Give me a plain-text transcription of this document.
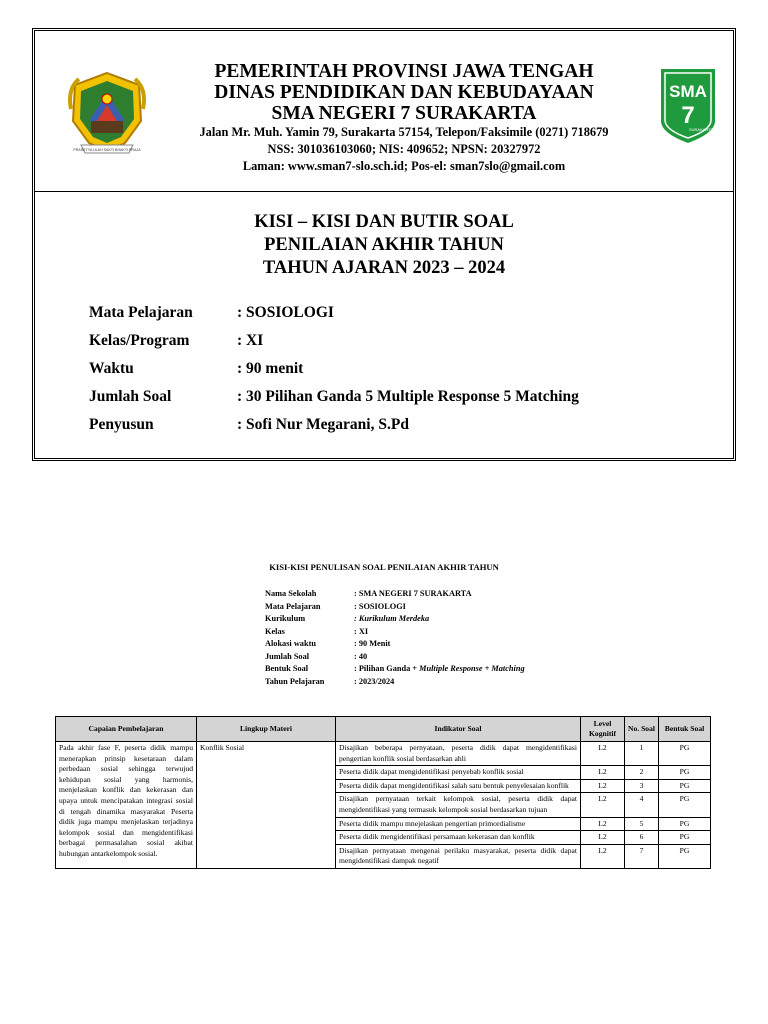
PRASETYA ULAH SAKTI BHAKTI PRAJA
PEMERINTAH PROVINSI JAWA TENGAH
DINAS PENDIDIKAN DAN KEBUDAYAAN
SMA NEGERI 7 SURAKARTA
Jalan Mr. Muh. Yamin 79, Surakarta 57154, Telepon/Faksimile (0271) 718679
NSS: 301036103060; NIS: 409652; NPSN: 20327972
Laman: www.sman7-slo.sch.id; Pos-el: sman7slo@gmail.com
SMA
7
SURAKARTA
KISI – KISI DAN BUTIR SOAL
PENILAIAN AKHIR TAHUN
TAHUN AJARAN 2023 – 2024
Mata Pelajaran	: SOSIOLOGI
Kelas/Program	: XI
Waktu	: 90 menit
Jumlah Soal	: 30 Pilihan Ganda 5 Multiple Response 5 Matching
Penyusun	: Sofi Nur Megarani, S.Pd
KISI-KISI PENULISAN SOAL PENILAIAN AKHIR TAHUN
Nama Sekolah	: SMA NEGERI 7 SURAKARTA
Mata Pelajaran	: SOSIOLOGI
Kurikulum	: Kurikulum Merdeka
Kelas	: XI
Alokasi waktu	: 90 Menit
Jumlah Soal	: 40
Bentuk Soal	: Pilihan Ganda + Multiple Response + Matching
Tahun Pelajaran	: 2023/2024
Capaian Pembelajaran	Lingkup Materi	Indikator Soal	Level Kognitif	No. Soal	Bentuk Soal
Pada akhir fase F, peserta didik mampu menerapkan prinsip kesetaraan dalam perbedaan sosial sehingga terwujud kehidupan sosial yang harmonis, menjelaskan konflik dan kekerasan dan upaya untuk mencipatakan integrasi sosial di tengah dinamika masyarakat Peserta didik juga mampu menjelaskan terjadinya kelompok sosial dan mengidentifikasi berbagai permasalahan sosial akibat hubungan antarkelompok sosial.	Konflik Sosial	Disajikan beberapa pernyataan, peserta didik dapat mengidentifikasi pengertian konflik sosial berdasarkan ahli	L2	1	PG
		Peserta didik dapat mengidentifikasi penyebab konflik sosial	L2	2	PG
		Peserta didik dapat mengidentifikasi salah satu bentuk penyelesaian konflik	L2	3	PG
		Disajikan pernyataan terkait kelompok sosial, peserta didik dapat mengidentifikasi yang termasuk kelompok sosial berdasarkan tujuan	L2	4	PG
		Peserta didik mampu mnejelaskan pengertian primordialisme	L2	5	PG
		Peserta didik mengidentifikasi persamaan kekerasan dan konflik	L2	6	PG
		Disajikan pernyataan mengenai perilaku masyarakat, peserta didik dapat mengidentifikasi dampak negatif	L2	7	PG
